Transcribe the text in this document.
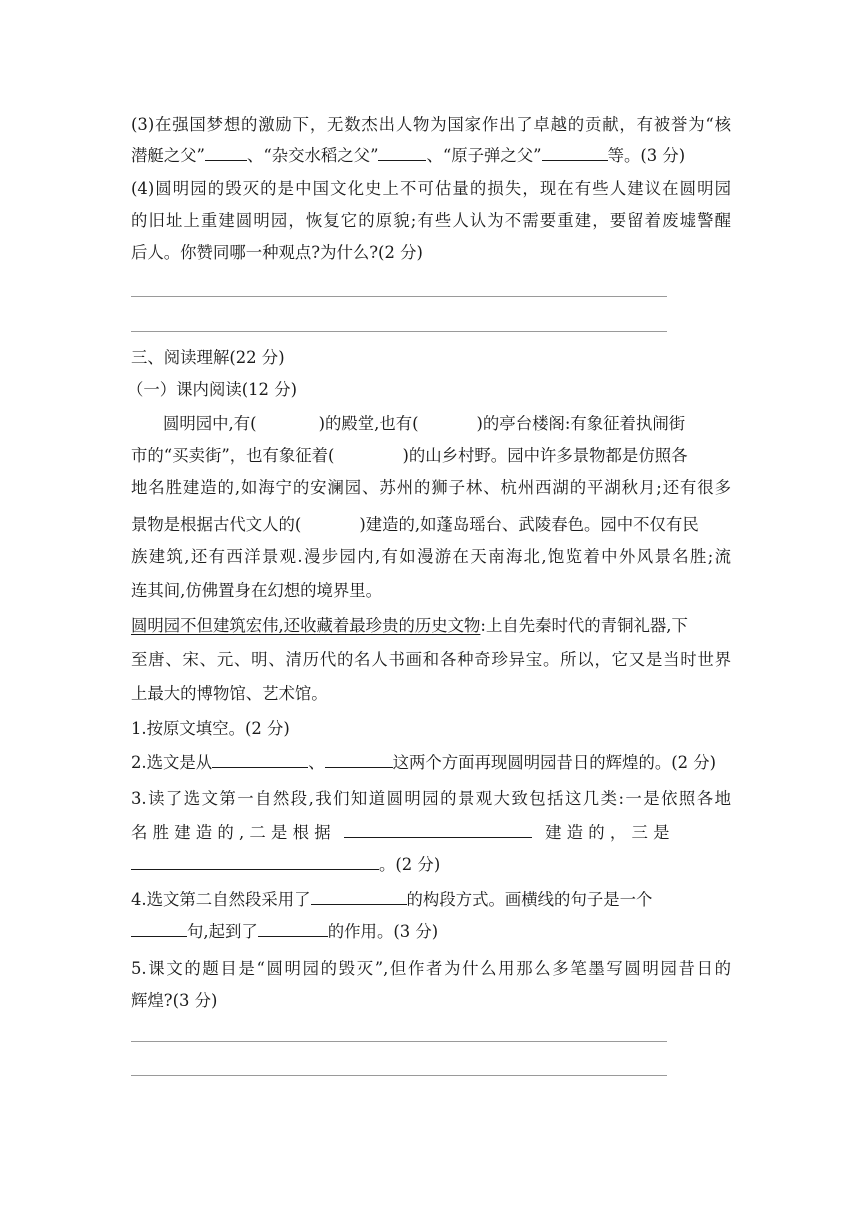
(3)在强国梦想的激励下，无数杰出人物为国家作出了卓越的贡献，有被誉为“核
潜艇之父”	、“杂交水稻之父”	、“原子弹之父”	等。(3 分)
(4)圆明园的毁灭的是中国文化史上不可估量的损失，现在有些人建议在圆明园
的旧址上重建圆明园，恢复它的原貌;有些人认为不需要重建，要留着废墟警醒
后人。你赞同哪一种观点?为什么?(2 分)
三、阅读理解(22 分)
（一）课内阅读(12 分)
圆明园中,有(	)的殿堂,也有(	)的亭台楼阁:有象征着执闹街
市的“买卖街”，也有象征着(	)的山乡村野。园中许多景物都是仿照各
地名胜建造的,如海宁的安澜园、苏州的狮子林、杭州西湖的平湖秋月;还有很多
景物是根据古代文人的(	)建造的,如蓬岛瑶台、武陵春色。园中不仅有民
族建筑,还有西洋景观.漫步园内,有如漫游在天南海北,饱览着中外风景名胜;流
连其间,仿佛置身在幻想的境界里。
圆明园不但建筑宏伟,还收藏着最珍贵的历史文物:上自先秦时代的青铜礼器,下
至唐、宋、元、明、清历代的名人书画和各种奇珍异宝。所以，它又是当时世界
上最大的博物馆、艺术馆。
1.按原文填空。(2 分)
2.选文是从	、	这两个方面再现圆明园昔日的辉煌的。(2 分)
3.读了选文第一自然段,我们知道圆明园的景观大致包括这几类:一是依照各地
名 胜 建 造 的 , 二 是 根 据	建 造 的 ， 三 是
。(2 分)
4.选文第二自然段采用了	的构段方式。画横线的句子是一个
句,起到了	的作用。(3 分)
5.课文的题目是“圆明园的毁灭”,但作者为什么用那么多笔墨写圆明园昔日的
辉煌?(3 分)
